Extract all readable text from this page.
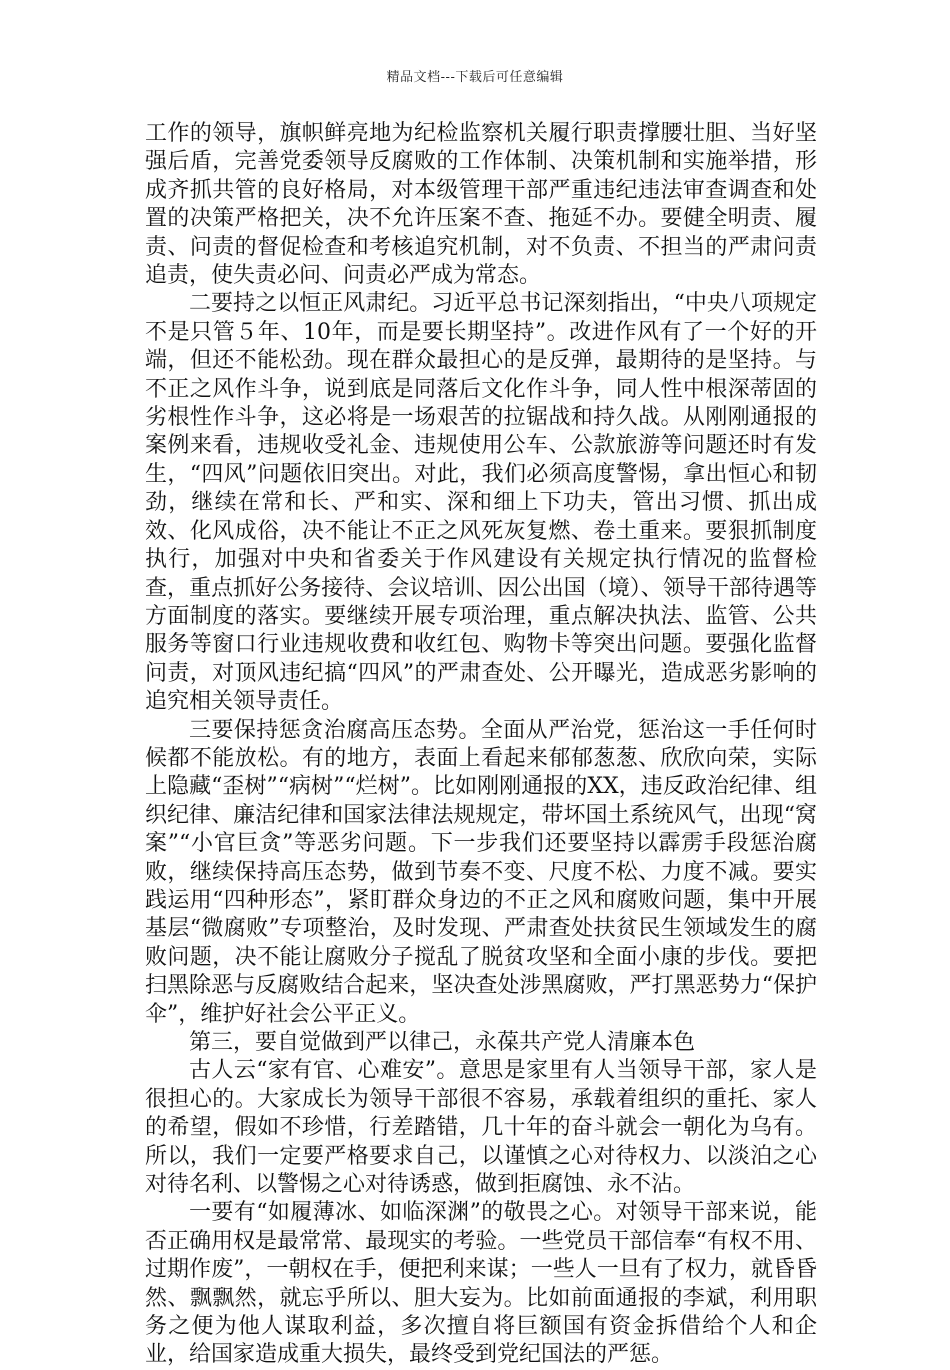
精品文档---下载后可任意编辑

工作的领导，旗帜鲜亮地为纪检监察机关履行职责撑腰壮胆、当好坚强后盾，完善党委领导反腐败的工作体制、决策机制和实施举措，形成齐抓共管的良好格局，对本级管理干部严重违纪违法审查调查和处置的决策严格把关，决不允许压案不查、拖延不办。要健全明责、履责、问责的督促检查和考核追究机制，对不负责、不担当的严肃问责追责，使失责必问、问责必严成为常态。

二要持之以恒正风肃纪。习近平总书记深刻指出，“中央八项规定不是只管５年、10年，而是要长期坚持”。改进作风有了一个好的开端，但还不能松劲。现在群众最担心的是反弹，最期待的是坚持。与不正之风作斗争，说到底是同落后文化作斗争，同人性中根深蒂固的劣根性作斗争，这必将是一场艰苦的拉锯战和持久战。从刚刚通报的案例来看，违规收受礼金、违规使用公车、公款旅游等问题还时有发生，“四风”问题依旧突出。对此，我们必须高度警惕，拿出恒心和韧劲，继续在常和长、严和实、深和细上下功夫，管出习惯、抓出成效、化风成俗，决不能让不正之风死灰复燃、卷土重来。要狠抓制度执行，加强对中央和省委关于作风建设有关规定执行情况的监督检查，重点抓好公务接待、会议培训、因公出国（境）、领导干部待遇等方面制度的落实。要继续开展专项治理，重点解决执法、监管、公共服务等窗口行业违规收费和收红包、购物卡等突出问题。要强化监督问责，对顶风违纪搞“四风”的严肃查处、公开曝光，造成恶劣影响的追究相关领导责任。

三要保持惩贪治腐高压态势。全面从严治党，惩治这一手任何时候都不能放松。有的地方，表面上看起来郁郁葱葱、欣欣向荣，实际上隐藏“歪树”“病树”“烂树”。比如刚刚通报的XX，违反政治纪律、组织纪律、廉洁纪律和国家法律法规规定，带坏国土系统风气，出现“窝案”“小官巨贪”等恶劣问题。下一步我们还要坚持以霹雳手段惩治腐败，继续保持高压态势，做到节奏不变、尺度不松、力度不减。要实践运用“四种形态”，紧盯群众身边的不正之风和腐败问题，集中开展基层“微腐败”专项整治，及时发现、严肃查处扶贫民生领域发生的腐败问题，决不能让腐败分子搅乱了脱贫攻坚和全面小康的步伐。要把扫黑除恶与反腐败结合起来，坚决查处涉黑腐败，严打黑恶势力“保护伞”，维护好社会公平正义。

第三，要自觉做到严以律己，永葆共产党人清廉本色

古人云“家有官、心难安”。意思是家里有人当领导干部，家人是很担心的。大家成长为领导干部很不容易，承载着组织的重托、家人的希望，假如不珍惜，行差踏错，几十年的奋斗就会一朝化为乌有。所以，我们一定要严格要求自己，以谨慎之心对待权力、以淡泊之心对待名利、以警惕之心对待诱惑，做到拒腐蚀、永不沾。

一要有“如履薄冰、如临深渊”的敬畏之心。对领导干部来说，能否正确用权是最常常、最现实的考验。一些党员干部信奉“有权不用、过期作废”，一朝权在手，便把利来谋；一些人一旦有了权力，就昏昏然、飘飘然，就忘乎所以、胆大妄为。比如前面通报的李斌，利用职务之便为他人谋取利益，多次擅自将巨额国有资金拆借给个人和企业，给国家造成重大损失，最终受到党纪国法的严惩。
